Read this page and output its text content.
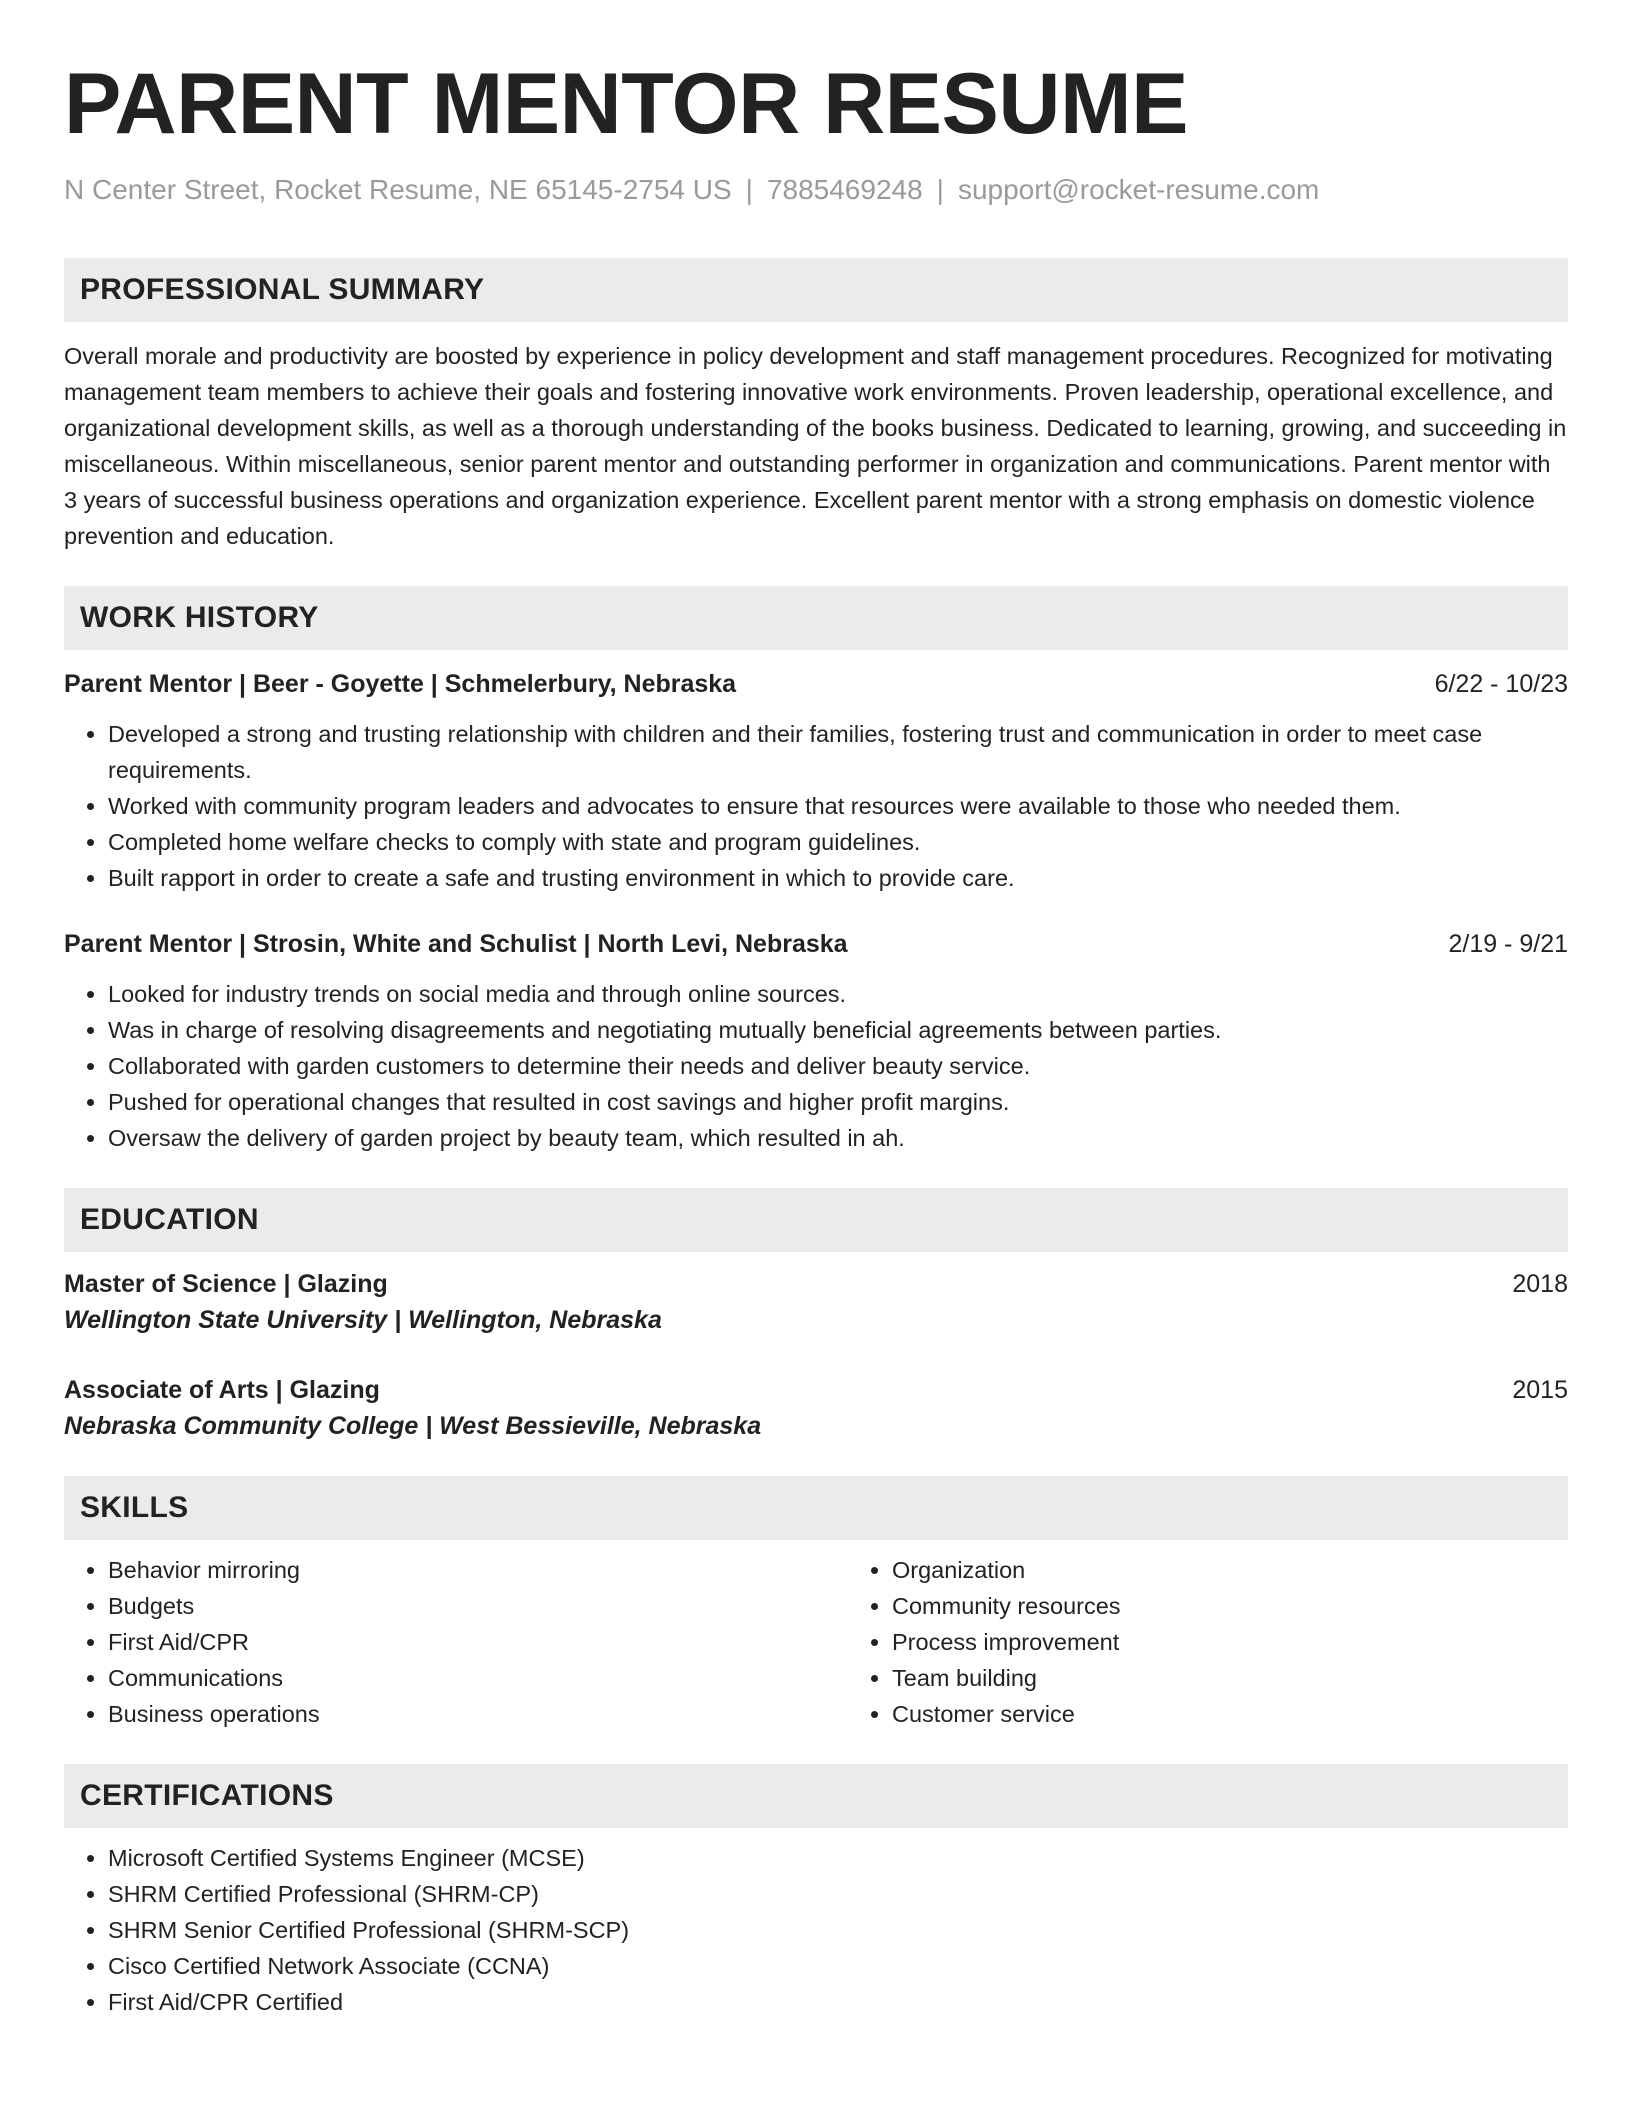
PARENT MENTOR RESUME
N Center Street, Rocket Resume, NE 65145-2754 US | 7885469248 | support@rocket-resume.com
PROFESSIONAL SUMMARY
Overall morale and productivity are boosted by experience in policy development and staff management procedures. Recognized for motivating management team members to achieve their goals and fostering innovative work environments. Proven leadership, operational excellence, and organizational development skills, as well as a thorough understanding of the books business. Dedicated to learning, growing, and succeeding in miscellaneous. Within miscellaneous, senior parent mentor and outstanding performer in organization and communications. Parent mentor with 3 years of successful business operations and organization experience. Excellent parent mentor with a strong emphasis on domestic violence prevention and education.
WORK HISTORY
Parent Mentor | Beer - Goyette | Schmelerbury, Nebraska	6/22 - 10/23
• Developed a strong and trusting relationship with children and their families, fostering trust and communication in order to meet case requirements.
• Worked with community program leaders and advocates to ensure that resources were available to those who needed them.
• Completed home welfare checks to comply with state and program guidelines.
• Built rapport in order to create a safe and trusting environment in which to provide care.
Parent Mentor | Strosin, White and Schulist | North Levi, Nebraska	2/19 - 9/21
• Looked for industry trends on social media and through online sources.
• Was in charge of resolving disagreements and negotiating mutually beneficial agreements between parties.
• Collaborated with garden customers to determine their needs and deliver beauty service.
• Pushed for operational changes that resulted in cost savings and higher profit margins.
• Oversaw the delivery of garden project by beauty team, which resulted in ah.
EDUCATION
Master of Science | Glazing	2018
Wellington State University | Wellington, Nebraska
Associate of Arts | Glazing	2015
Nebraska Community College | West Bessieville, Nebraska
SKILLS
• Behavior mirroring
• Budgets
• First Aid/CPR
• Communications
• Business operations
• Organization
• Community resources
• Process improvement
• Team building
• Customer service
CERTIFICATIONS
• Microsoft Certified Systems Engineer (MCSE)
• SHRM Certified Professional (SHRM-CP)
• SHRM Senior Certified Professional (SHRM-SCP)
• Cisco Certified Network Associate (CCNA)
• First Aid/CPR Certified
